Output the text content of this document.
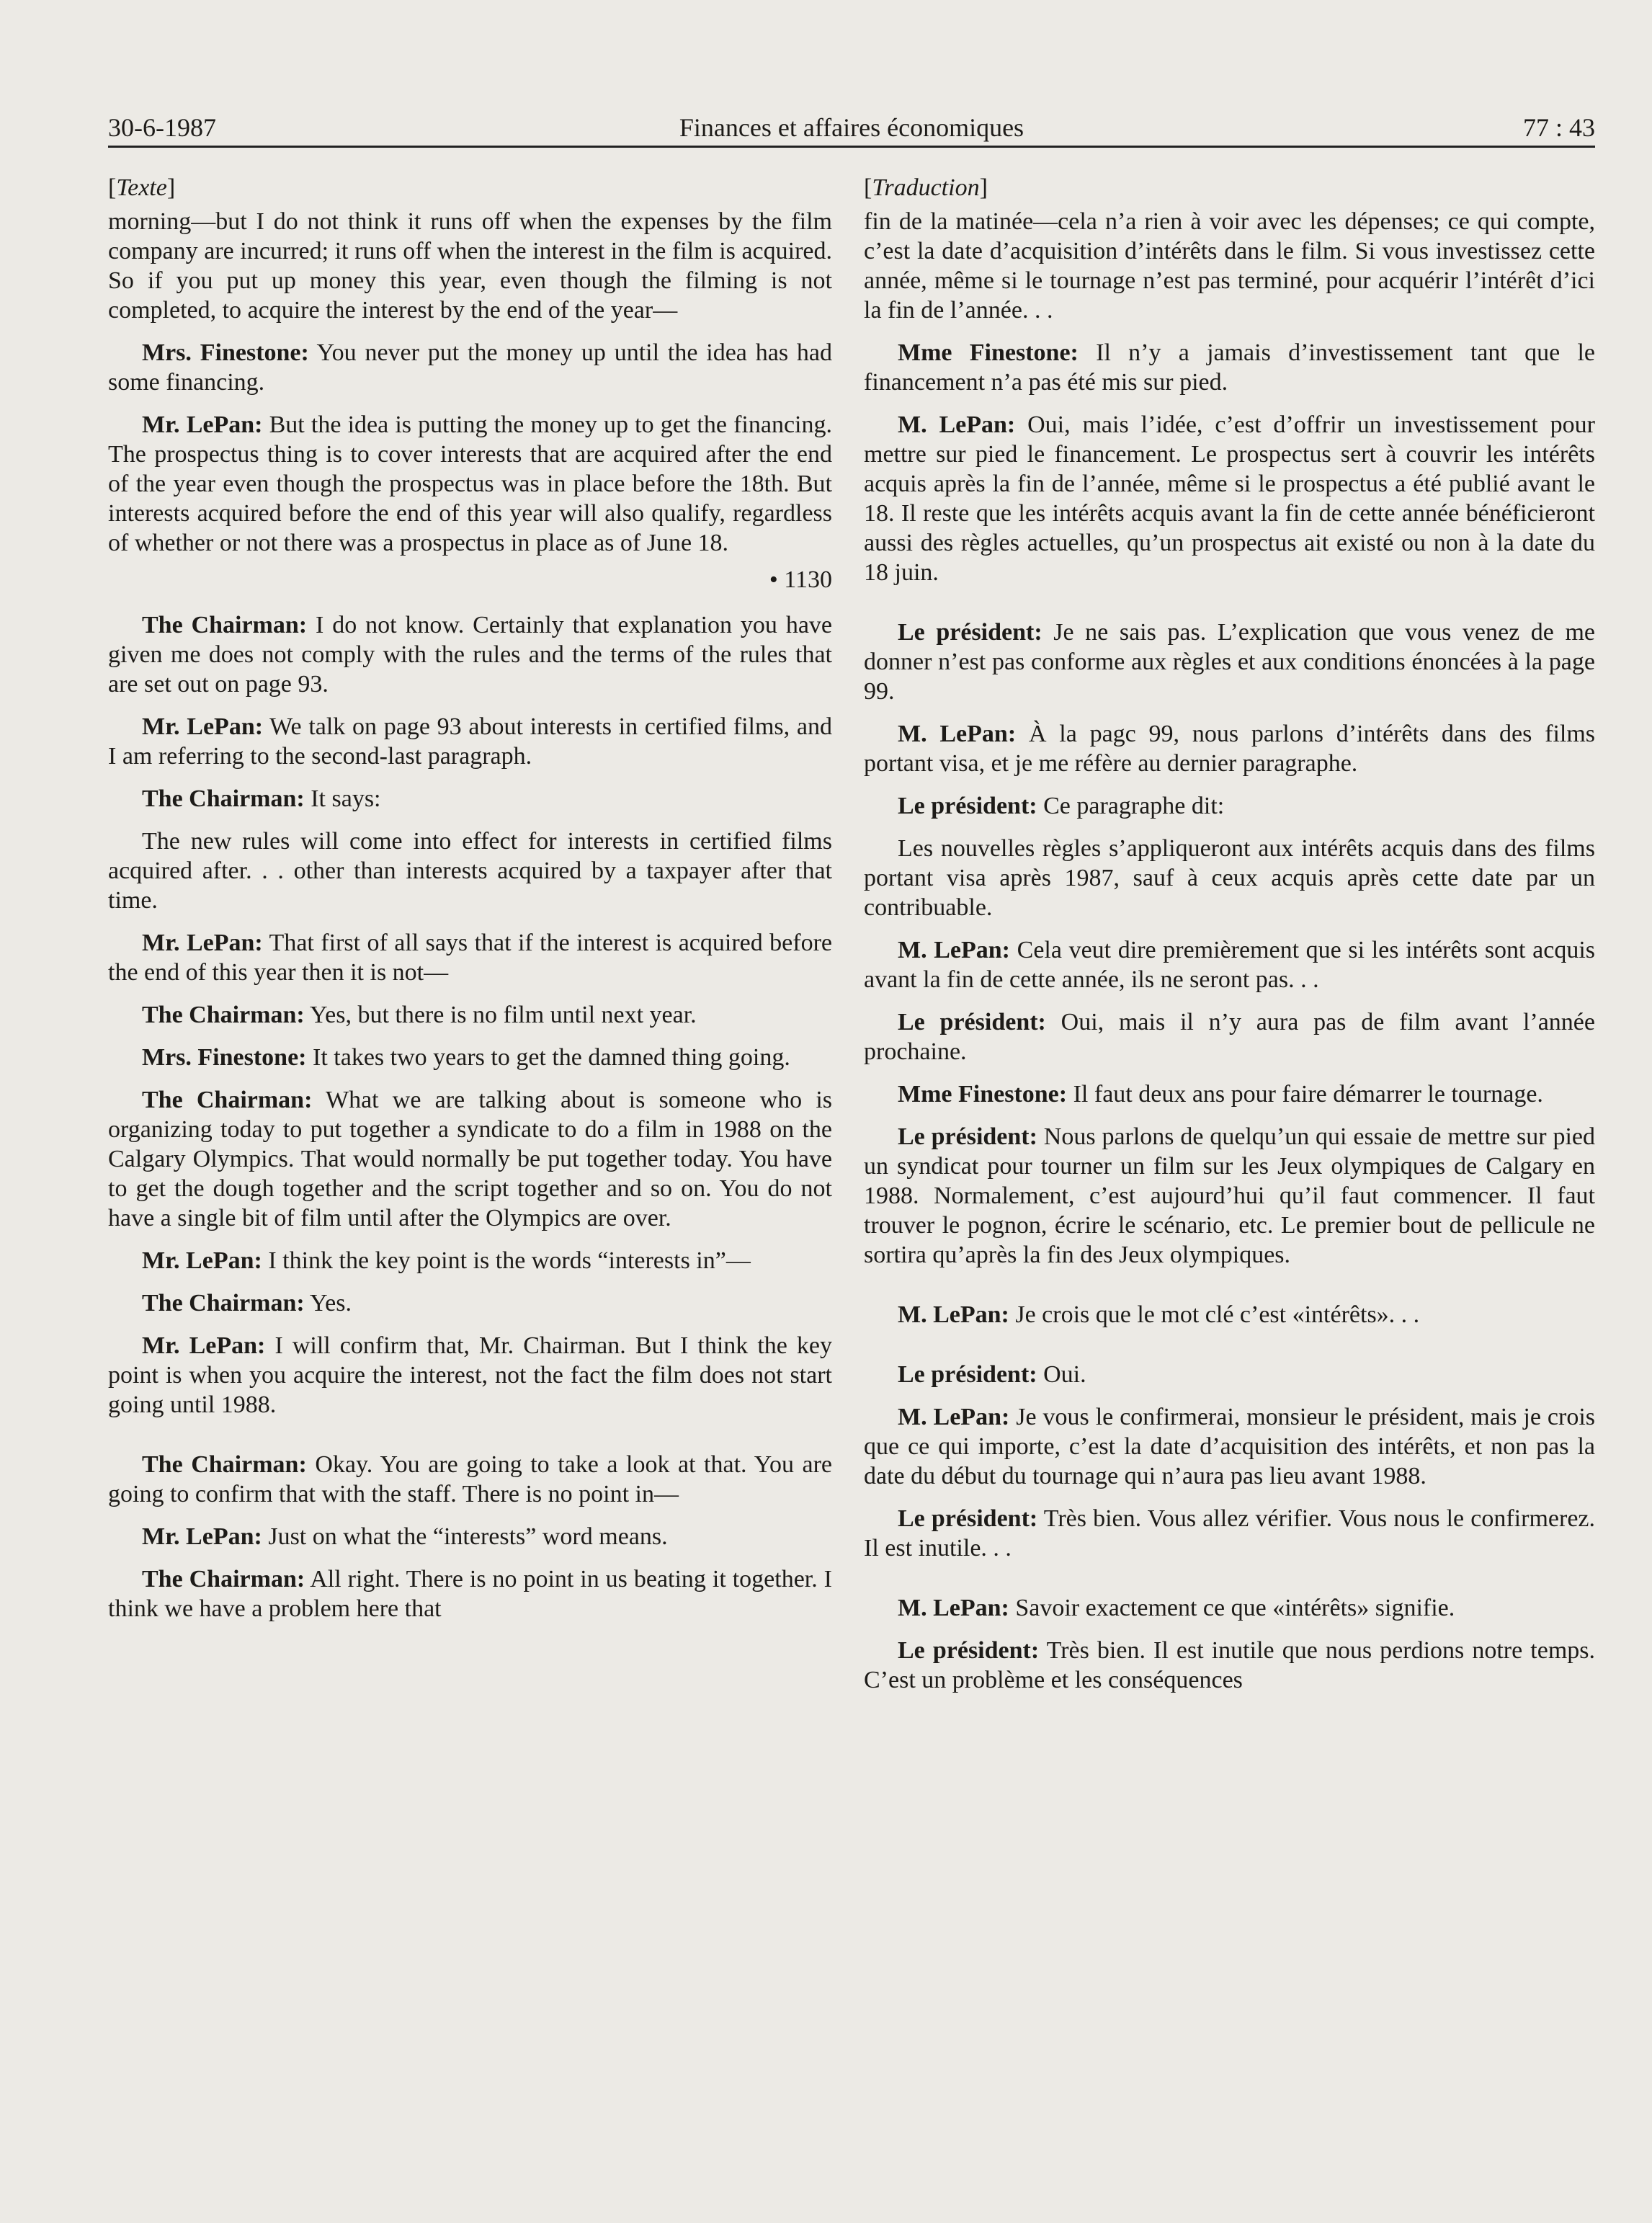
30-6-1987	Finances et affaires économiques	77 : 43
[Texte]
morning—but I do not think it runs off when the expenses by the film company are incurred; it runs off when the interest in the film is acquired. So if you put up money this year, even though the filming is not completed, to acquire the interest by the end of the year—
Mrs. Finestone: You never put the money up until the idea has had some financing.
Mr. LePan: But the idea is putting the money up to get the financing. The prospectus thing is to cover interests that are acquired after the end of the year even though the prospectus was in place before the 18th. But interests acquired before the end of this year will also qualify, regardless of whether or not there was a prospectus in place as of June 18.
• 1130
The Chairman: I do not know. Certainly that explanation you have given me does not comply with the rules and the terms of the rules that are set out on page 93.
Mr. LePan: We talk on page 93 about interests in certified films, and I am referring to the second-last paragraph.
The Chairman: It says:
The new rules will come into effect for interests in certified films acquired after. . . other than interests acquired by a taxpayer after that time.
Mr. LePan: That first of all says that if the interest is acquired before the end of this year then it is not—
The Chairman: Yes, but there is no film until next year.
Mrs. Finestone: It takes two years to get the damned thing going.
The Chairman: What we are talking about is someone who is organizing today to put together a syndicate to do a film in 1988 on the Calgary Olympics. That would normally be put together today. You have to get the dough together and the script together and so on. You do not have a single bit of film until after the Olympics are over.
Mr. LePan: I think the key point is the words “interests in”—
The Chairman: Yes.
Mr. LePan: I will confirm that, Mr. Chairman. But I think the key point is when you acquire the interest, not the fact the film does not start going until 1988.
The Chairman: Okay. You are going to take a look at that. You are going to confirm that with the staff. There is no point in—
Mr. LePan: Just on what the “interests” word means.
The Chairman: All right. There is no point in us beating it together. I think we have a problem here that
[Traduction]
fin de la matinée—cela n’a rien à voir avec les dépenses; ce qui compte, c’est la date d’acquisition d’intérêts dans le film. Si vous investissez cette année, même si le tournage n’est pas terminé, pour acquérir l’intérêt d’ici la fin de l’année. . .
Mme Finestone: Il n’y a jamais d’investissement tant que le financement n’a pas été mis sur pied.
M. LePan: Oui, mais l’idée, c’est d’offrir un investissement pour mettre sur pied le financement. Le prospectus sert à couvrir les intérêts acquis après la fin de l’année, même si le prospectus a été publié avant le 18. Il reste que les intérêts acquis avant la fin de cette année bénéficieront aussi des règles actuelles, qu’un prospectus ait existé ou non à la date du 18 juin.
Le président: Je ne sais pas. L’explication que vous venez de me donner n’est pas conforme aux règles et aux conditions énoncées à la page 99.
M. LePan: À la pagc 99, nous parlons d’intérêts dans des films portant visa, et je me réfère au dernier paragraphe.
Le président: Ce paragraphe dit:
Les nouvelles règles s’appliqueront aux intérêts acquis dans des films portant visa après 1987, sauf à ceux acquis après cette date par un contribuable.
M. LePan: Cela veut dire premièrement que si les intérêts sont acquis avant la fin de cette année, ils ne seront pas. . .
Le président: Oui, mais il n’y aura pas de film avant l’année prochaine.
Mme Finestone: Il faut deux ans pour faire démarrer le tournage.
Le président: Nous parlons de quelqu’un qui essaie de mettre sur pied un syndicat pour tourner un film sur les Jeux olympiques de Calgary en 1988. Normalement, c’est aujourd’hui qu’il faut commencer. Il faut trouver le pognon, écrire le scénario, etc. Le premier bout de pellicule ne sortira qu’après la fin des Jeux olympiques.
M. LePan: Je crois que le mot clé c’est «intérêts». . .
Le président: Oui.
M. LePan: Je vous le confirmerai, monsieur le président, mais je crois que ce qui importe, c’est la date d’acquisition des intérêts, et non pas la date du début du tournage qui n’aura pas lieu avant 1988.
Le président: Très bien. Vous allez vérifier. Vous nous le confirmerez. Il est inutile. . .
M. LePan: Savoir exactement ce que «intérêts» signifie.
Le président: Très bien. Il est inutile que nous perdions notre temps. C’est un problème et les conséquences
